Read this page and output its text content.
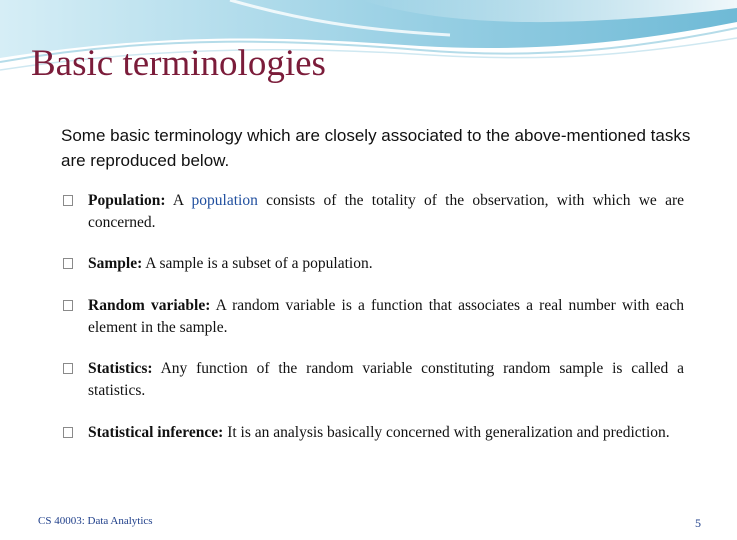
Basic terminologies
Some basic terminology which are closely associated to the above-mentioned tasks are reproduced below.
Population: A population consists of the totality of the observation, with which we are concerned.
Sample: A sample is a subset of a population.
Random variable: A random variable is a function that associates a real number with each element in the sample.
Statistics: Any function of the random variable constituting random sample is called a statistics.
Statistical inference: It is an analysis basically concerned with generalization and prediction.
CS 40003: Data Analytics	5
